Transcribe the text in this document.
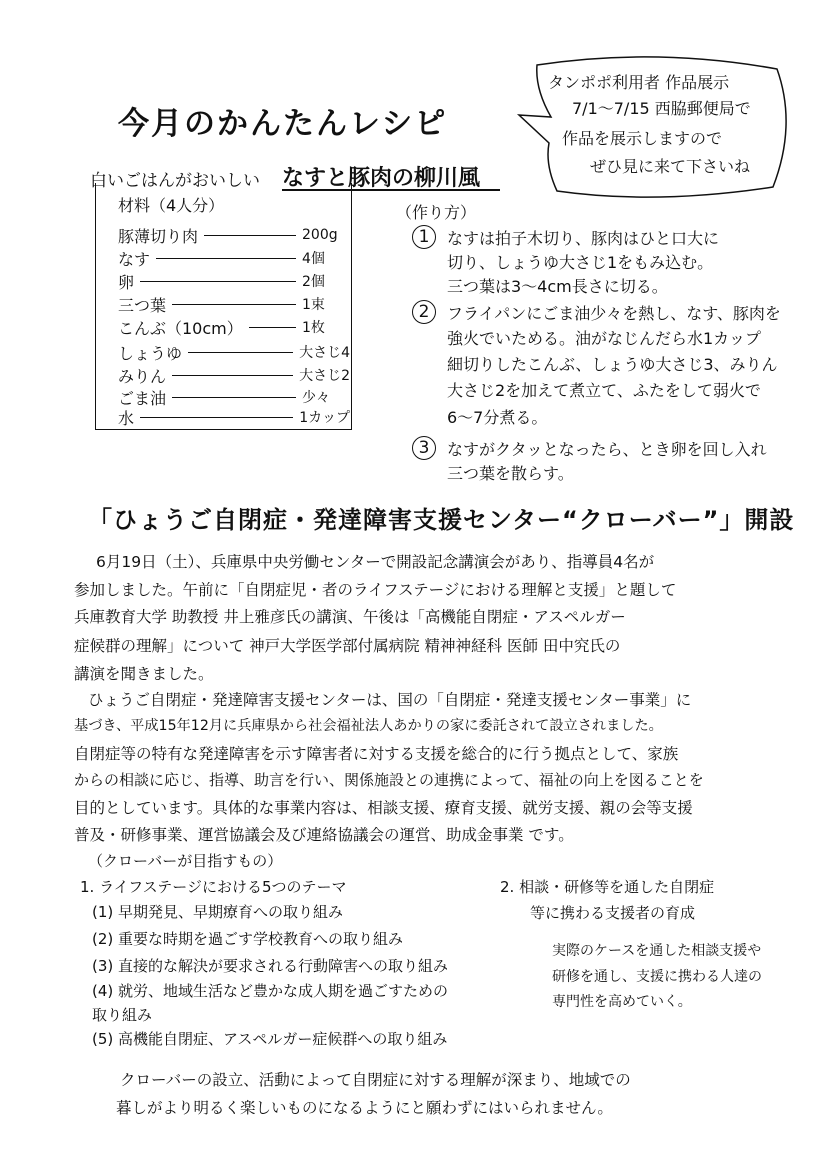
今月のかんたんレシピ
白いごはんがおいしい なすと豚肉の柳川風
タンポポ利用者 作品展示
7/1〜7/15 西脇郵便局で
作品を展示しますので
ぜひ見に来て下さいね
材料（4人分）
豚薄切り肉	200g
なす	4個
卵	2個
三つ葉	1束
こんぶ（10cm）	1枚
しょうゆ	大さじ4
みりん	大さじ2
ごま油	少々
水	1カップ
（作り方）
1	なすは拍子木切り、豚肉はひと口大に
切り、しょうゆ大さじ1をもみ込む。
三つ葉は3〜4cm長さに切る。
2	フライパンにごま油少々を熱し、なす、豚肉を
強火でいためる。油がなじんだら水1カップ
細切りしたこんぶ、しょうゆ大さじ3、みりん
大さじ2を加えて煮立て、ふたをして弱火で
6〜7分煮る。
3	なすがクタッとなったら、とき卵を回し入れ
三つ葉を散らす。
「ひょうご自閉症・発達障害支援センター“クローバー”」開設
6月19日（土）、兵庫県中央労働センターで開設記念講演会があり、指導員4名が
参加しました。午前に「自閉症児・者のライフステージにおける理解と支援」と題して
兵庫教育大学 助教授 井上雅彦氏の講演、午後は「高機能自閉症・アスペルガー
症候群の理解」について 神戸大学医学部付属病院 精神神経科 医師 田中究氏の
講演を聞きました。
ひょうご自閉症・発達障害支援センターは、国の「自閉症・発達支援センター事業」に
基づき、平成15年12月に兵庫県から社会福祉法人あかりの家に委託されて設立されました。
自閉症等の特有な発達障害を示す障害者に対する支援を総合的に行う拠点として、家族
からの相談に応じ、指導、助言を行い、関係施設との連携によって、福祉の向上を図ることを
目的としています。具体的な事業内容は、相談支援、療育支援、就労支援、親の会等支援
普及・研修事業、運営協議会及び連絡協議会の運営、助成金事業 です。
（クローバーが目指すもの）
1. ライフステージにおける5つのテーマ
(1) 早期発見、早期療育への取り組み
(2) 重要な時期を過ごす学校教育への取り組み
(3) 直接的な解決が要求される行動障害への取り組み
(4) 就労、地域生活など豊かな成人期を過ごすための
取り組み
(5) 高機能自閉症、アスペルガー症候群への取り組み
2. 相談・研修等を通した自閉症
等に携わる支援者の育成
実際のケースを通した相談支援や
研修を通し、支援に携わる人達の
専門性を高めていく。
クローバーの設立、活動によって自閉症に対する理解が深まり、地域での
暮しがより明るく楽しいものになるようにと願わずにはいられません。
